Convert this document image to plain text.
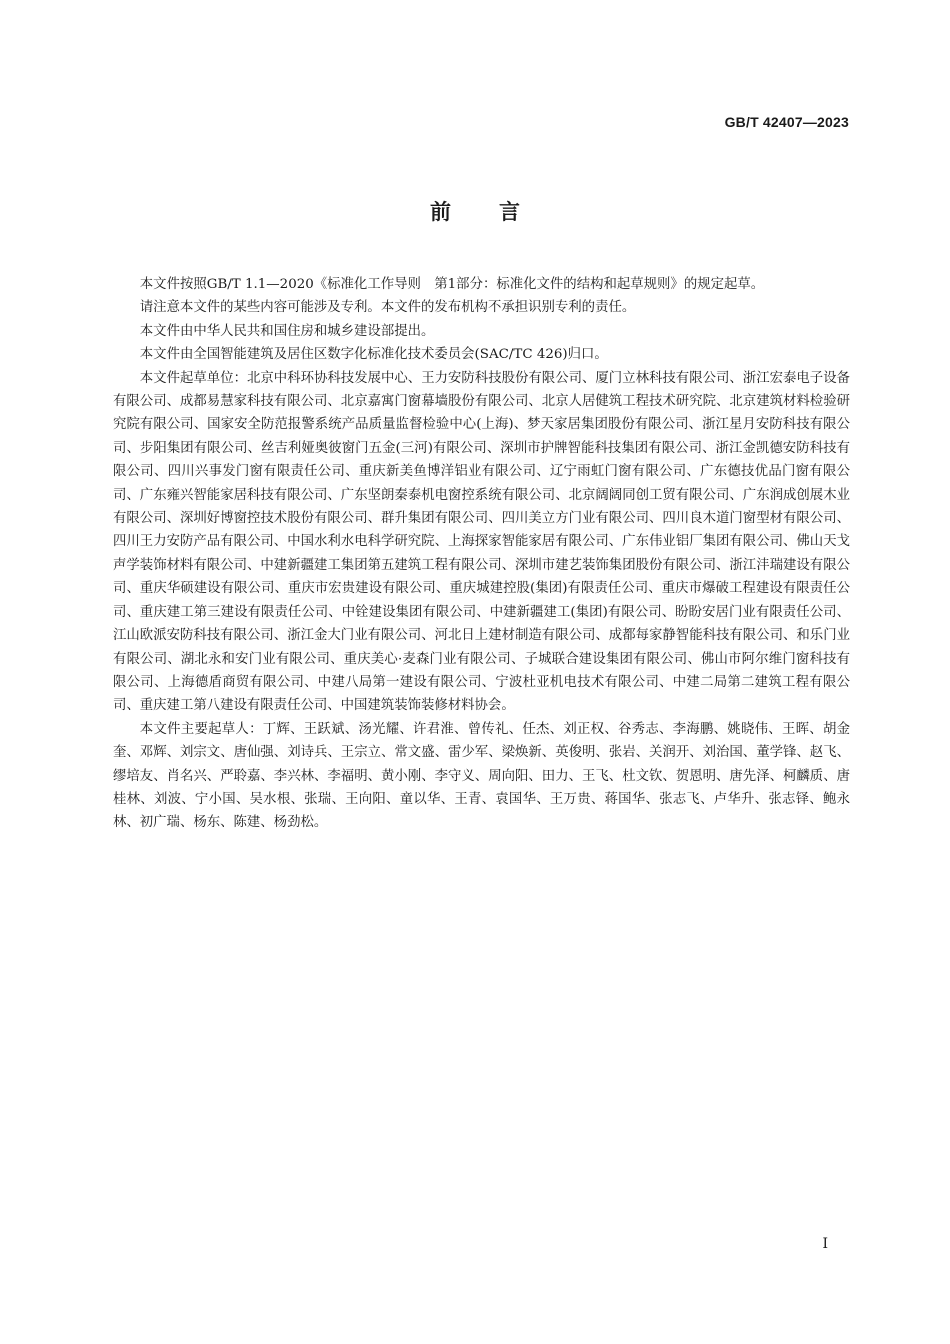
GB/T 42407—2023
前言

本文件按照GB/T 1.1—2020《标准化工作导则　第1部分：标准化文件的结构和起草规则》的规定起草。

请注意本文件的某些内容可能涉及专利。本文件的发布机构不承担识别专利的责任。

本文件由中华人民共和国住房和城乡建设部提出。

本文件由全国智能建筑及居住区数字化标准化技术委员会(SAC/TC 426)归口。

本文件起草单位：北京中科环协科技发展中心、王力安防科技股份有限公司、厦门立林科技有限公司、浙江宏泰电子设备有限公司、成都易慧家科技有限公司、北京嘉寓门窗幕墙股份有限公司、北京人居健筑工程技术研究院、北京建筑材料检验研究院有限公司、国家安全防范报警系统产品质量监督检验中心(上海)、梦天家居集团股份有限公司、浙江星月安防科技有限公司、步阳集团有限公司、丝吉利娅奥彼窗门五金(三河)有限公司、深圳市护牌智能科技集团有限公司、浙江金凯德安防科技有限公司、四川兴事发门窗有限责任公司、重庆新美鱼博洋铝业有限公司、辽宁雨虹门窗有限公司、广东德技优品门窗有限公司、广东雍兴智能家居科技有限公司、广东坚朗秦泰机电窗控系统有限公司、北京阔阔同创工贸有限公司、广东润成创展木业有限公司、深圳好博窗控技术股份有限公司、群升集团有限公司、四川美立方门业有限公司、四川良木道门窗型材有限公司、四川王力安防产品有限公司、中国水利水电科学研究院、上海探家智能家居有限公司、广东伟业铝厂集团有限公司、佛山天戈声学装饰材料有限公司、中建新疆建工集团第五建筑工程有限公司、深圳市建艺装饰集团股份有限公司、浙江沣瑞建设有限公司、重庆华硕建设有限公司、重庆市宏贵建设有限公司、重庆城建控股(集团)有限责任公司、重庆市爆破工程建设有限责任公司、重庆建工第三建设有限责任公司、中铨建设集团有限公司、中建新疆建工(集团)有限公司、盼盼安居门业有限责任公司、江山欧派安防科技有限公司、浙江金大门业有限公司、河北日上建材制造有限公司、成都每家静智能科技有限公司、和乐门业有限公司、湖北永和安门业有限公司、重庆美心·麦森门业有限公司、子城联合建设集团有限公司、佛山市阿尔维门窗科技有限公司、上海德盾商贸有限公司、中建八局第一建设有限公司、宁波杜亚机电技术有限公司、中建二局第二建筑工程有限公司、重庆建工第八建设有限责任公司、中国建筑装饰装修材料协会。

本文件主要起草人：丁辉、王跃斌、汤光耀、许君淮、曾传礼、任杰、刘正权、谷秀志、李海鹏、姚晓伟、王晖、胡金奎、邓辉、刘宗文、唐仙强、刘诗兵、王宗立、常文盛、雷少军、梁焕新、英俊明、张岩、关润开、刘治国、董学锋、赵飞、缪培友、肖名兴、严聆嘉、李兴林、李福明、黄小刚、李守义、周向阳、田力、王飞、杜文钦、贺恩明、唐先泽、柯麟质、唐桂林、刘波、宁小国、吴水根、张瑞、王向阳、童以华、王青、袁国华、王万贵、蒋国华、张志飞、卢华升、张志铎、鲍永林、初广瑞、杨东、陈建、杨劲松。

I
